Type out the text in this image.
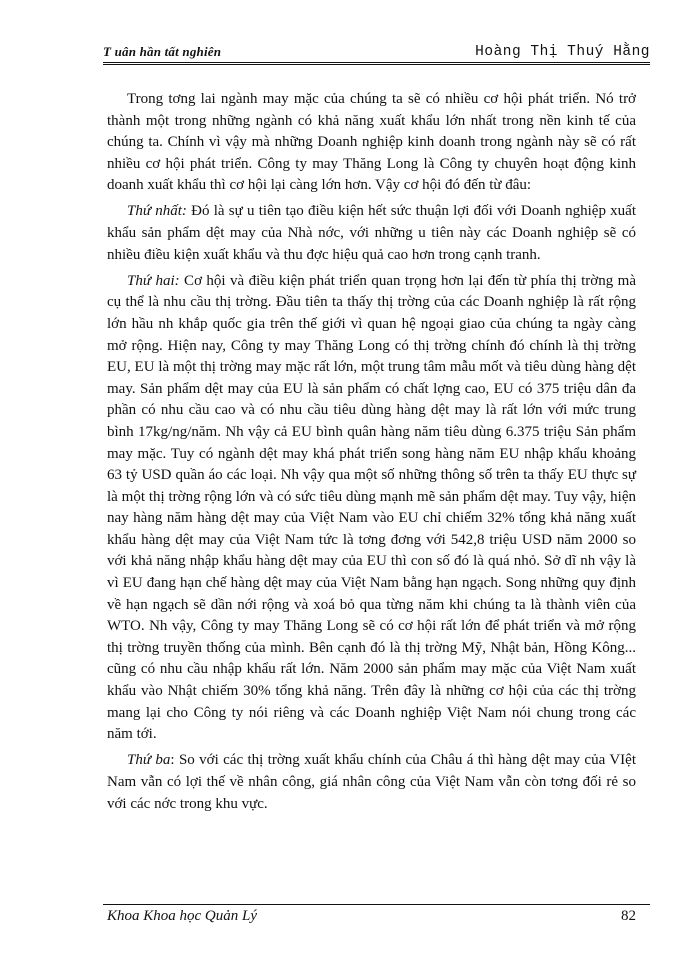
T uân hần tất nghiên	Hoàng Thị Thuý Hằng

Trong tơng lai ngành may mặc của chúng ta sẽ có nhiều cơ hội phát triển. Nó trở thành một trong những ngành có khả năng xuất khẩu lớn nhất trong nền kinh tế của chúng ta. Chính vì vậy mà những Doanh nghiệp kinh doanh trong ngành này sẽ có rất nhiều cơ hội phát triển. Công ty may Thăng Long là Công ty chuyên hoạt động kinh doanh xuất khẩu thì cơ hội lại càng lớn hơn. Vậy cơ hội đó đến từ đâu:

Thứ nhất: Đó là sự u tiên tạo điều kiện hết sức thuận lợi đối với Doanh nghiệp xuất khẩu sản phẩm dệt may của Nhà nớc, với những u tiên này các Doanh nghiệp sẽ có nhiều điều kiện xuất khẩu và thu đợc hiệu quả cao hơn trong cạnh tranh.

Thứ hai: Cơ hội và điều kiện phát triển quan trọng hơn lại đến từ phía thị trờng mà cụ thể là nhu cầu thị trờng. Đầu tiên ta thấy thị trờng của các Doanh nghiệp là rất rộng lớn hầu nh khắp quốc gia trên thế giới vì quan hệ ngoại giao của chúng ta ngày càng mở rộng. Hiện nay, Công ty may Thăng Long có thị trờng chính đó chính là thị trờng EU, EU là một thị trờng may mặc rất lớn, một trung tâm mẫu mốt và tiêu dùng hàng dệt may. Sản phẩm dệt may của EU là sản phẩm có chất lợng cao, EU có 375 triệu dân đa phần có nhu cầu cao và có nhu cầu tiêu dùng hàng dệt may là rất lớn với mức trung bình 17kg/ng/năm. Nh vậy cả EU bình quân hàng năm tiêu dùng 6.375 triệu Sản phẩm may mặc. Tuy có ngành dệt may khá phát triển song hàng năm EU nhập khẩu khoảng 63 tỷ USD quần áo các loại. Nh vậy qua một số những thông số trên ta thấy EU thực sự là một thị trờng rộng lớn và có sức tiêu dùng mạnh mẽ sản phẩm dệt may. Tuy vậy, hiện nay hàng năm hàng dệt may của Việt Nam vào EU chỉ chiếm 32% tổng khả năng xuất khẩu hàng dệt may của Việt Nam tức là tơng đơng với 542,8 triệu USD năm 2000 so với khả năng nhập khẩu hàng dệt may của EU thì con số đó là quá nhỏ. Sở dĩ nh vậy là vì EU đang hạn chế hàng dệt may của Việt Nam bằng hạn ngạch. Song những quy định về hạn ngạch sẽ dần nới rộng và xoá bỏ qua từng năm khi chúng ta là thành viên của WTO. Nh vậy, Công ty may Thăng Long sẽ có cơ hội rất lớn để phát triển và mở rộng thị trờng truyền thống của mình. Bên cạnh đó là thị trờng Mỹ, Nhật bản, Hồng Kông... cũng có nhu cầu nhập khẩu rất lớn. Năm 2000 sản phẩm may mặc của Việt Nam xuất khẩu vào Nhật chiếm 30% tổng khả năng. Trên đây là những cơ hội của các thị trờng mang lại cho Công ty nói riêng và các Doanh nghiệp Việt Nam nói chung trong các năm tới.

Thứ ba: So với các thị trờng xuất khẩu chính của Châu á thì hàng dệt may của VIệt Nam vẫn có lợi thế về nhân công, giá nhân công của Việt Nam vẫn còn tơng đối rẻ so với các nớc trong khu vực.

Khoa Khoa học Quản Lý	82
